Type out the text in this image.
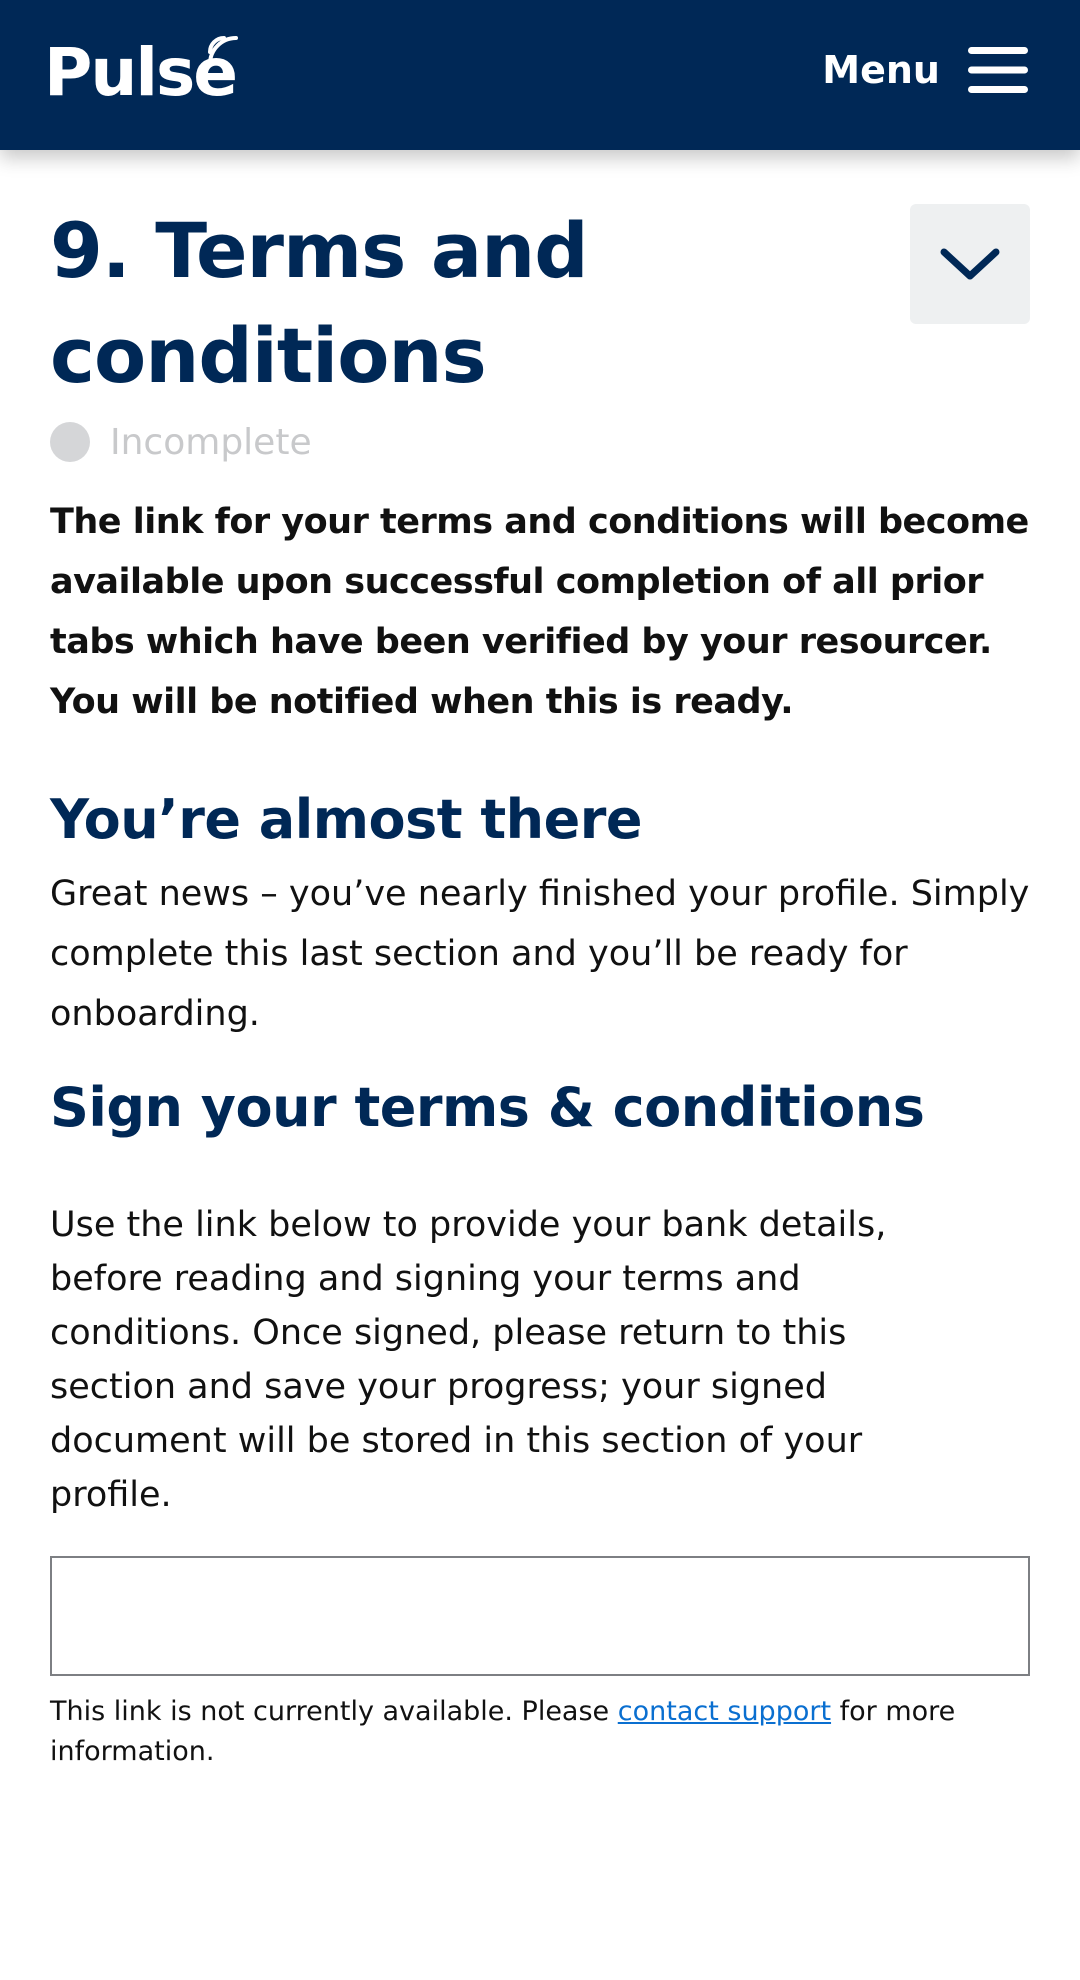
Pulse	Menu
9. Terms and conditions
Incomplete

The link for your terms and conditions will become available upon successful completion of all prior tabs which have been verified by your resourcer. You will be notified when this is ready.

You’re almost there

Great news – you’ve nearly finished your profile. Simply complete this last section and you’ll be ready for onboarding.

Sign your terms & conditions

Use the link below to provide your bank details, before reading and signing your terms and conditions. Once signed, please return to this section and save your progress; your signed document will be stored in this section of your profile.

This link is not currently available. Please contact support for more information.
